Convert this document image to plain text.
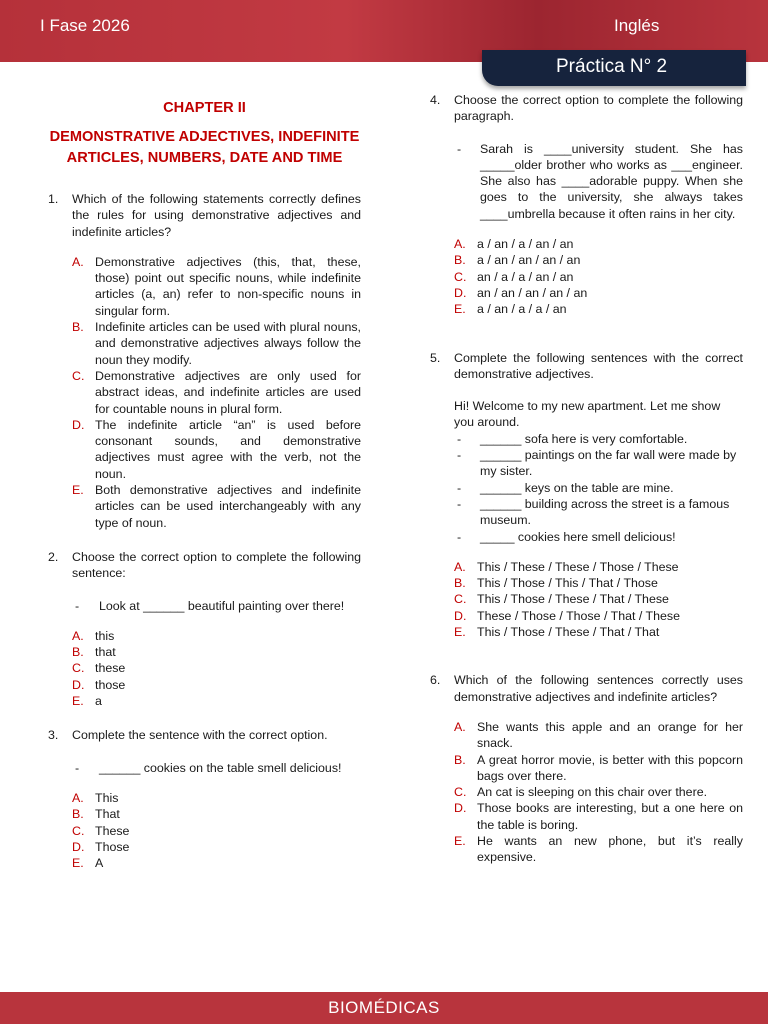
I Fase 2026	Inglés
Práctica N° 2
CHAPTER II
DEMONSTRATIVE ADJECTIVES, INDEFINITE ARTICLES, NUMBERS, DATE AND TIME
1.	Which of the following statements correctly defines the rules for using demonstrative adjectives and indefinite articles?
A. Demonstrative adjectives (this, that, these, those) point out specific nouns, while indefinite articles (a, an) refer to non-specific nouns in singular form.
B. Indefinite articles can be used with plural nouns, and demonstrative adjectives always follow the noun they modify.
C. Demonstrative adjectives are only used for abstract ideas, and indefinite articles are used for countable nouns in plural form.
D. The indefinite article “an” is used before consonant sounds, and demonstrative adjectives must agree with the verb, not the noun.
E. Both demonstrative adjectives and indefinite articles can be used interchangeably with any type of noun.
2.	Choose the correct option to complete the following sentence:
-	Look at ______ beautiful painting over there!
A. this
B. that
C. these
D. those
E. a
3.	Complete the sentence with the correct option.
-	______ cookies on the table smell delicious!
A. This
B. That
C. These
D. Those
E. A
4.	Choose the correct option to complete the following paragraph.
-	Sarah is ____university student. She has _____older brother who works as ___engineer. She also has ____adorable puppy. When she goes to the university, she always takes ____umbrella because it often rains in her city.
A. a / an / a / an / an
B. a / an / an / an / an
C. an / a / a / an / an
D. an / an / an / an / an
E. a / an / a / a / an
5.	Complete the following sentences with the correct demonstrative adjectives.

Hi! Welcome to my new apartment. Let me show you around.

-	______ sofa here is very comfortable.
-	______ paintings on the far wall were made by my sister.
-	______ keys on the table are mine.
-	______ building across the street is a famous museum.
-	_____ cookies here smell delicious!
A. This / These / These / Those / These
B. This / Those / This / That / Those
C. This / Those / These / That / These
D. These / Those / Those / That / These
E. This / Those / These / That / That
6.	Which of the following sentences correctly uses demonstrative adjectives and indefinite articles?
A. She wants this apple and an orange for her snack.
B. A great horror movie, is better with this popcorn bags over there.
C. An cat is sleeping on this chair over there.
D. Those books are interesting, but a one here on the table is boring.
E. He wants an new phone, but it’s really expensive.
BIOMÉDICAS
